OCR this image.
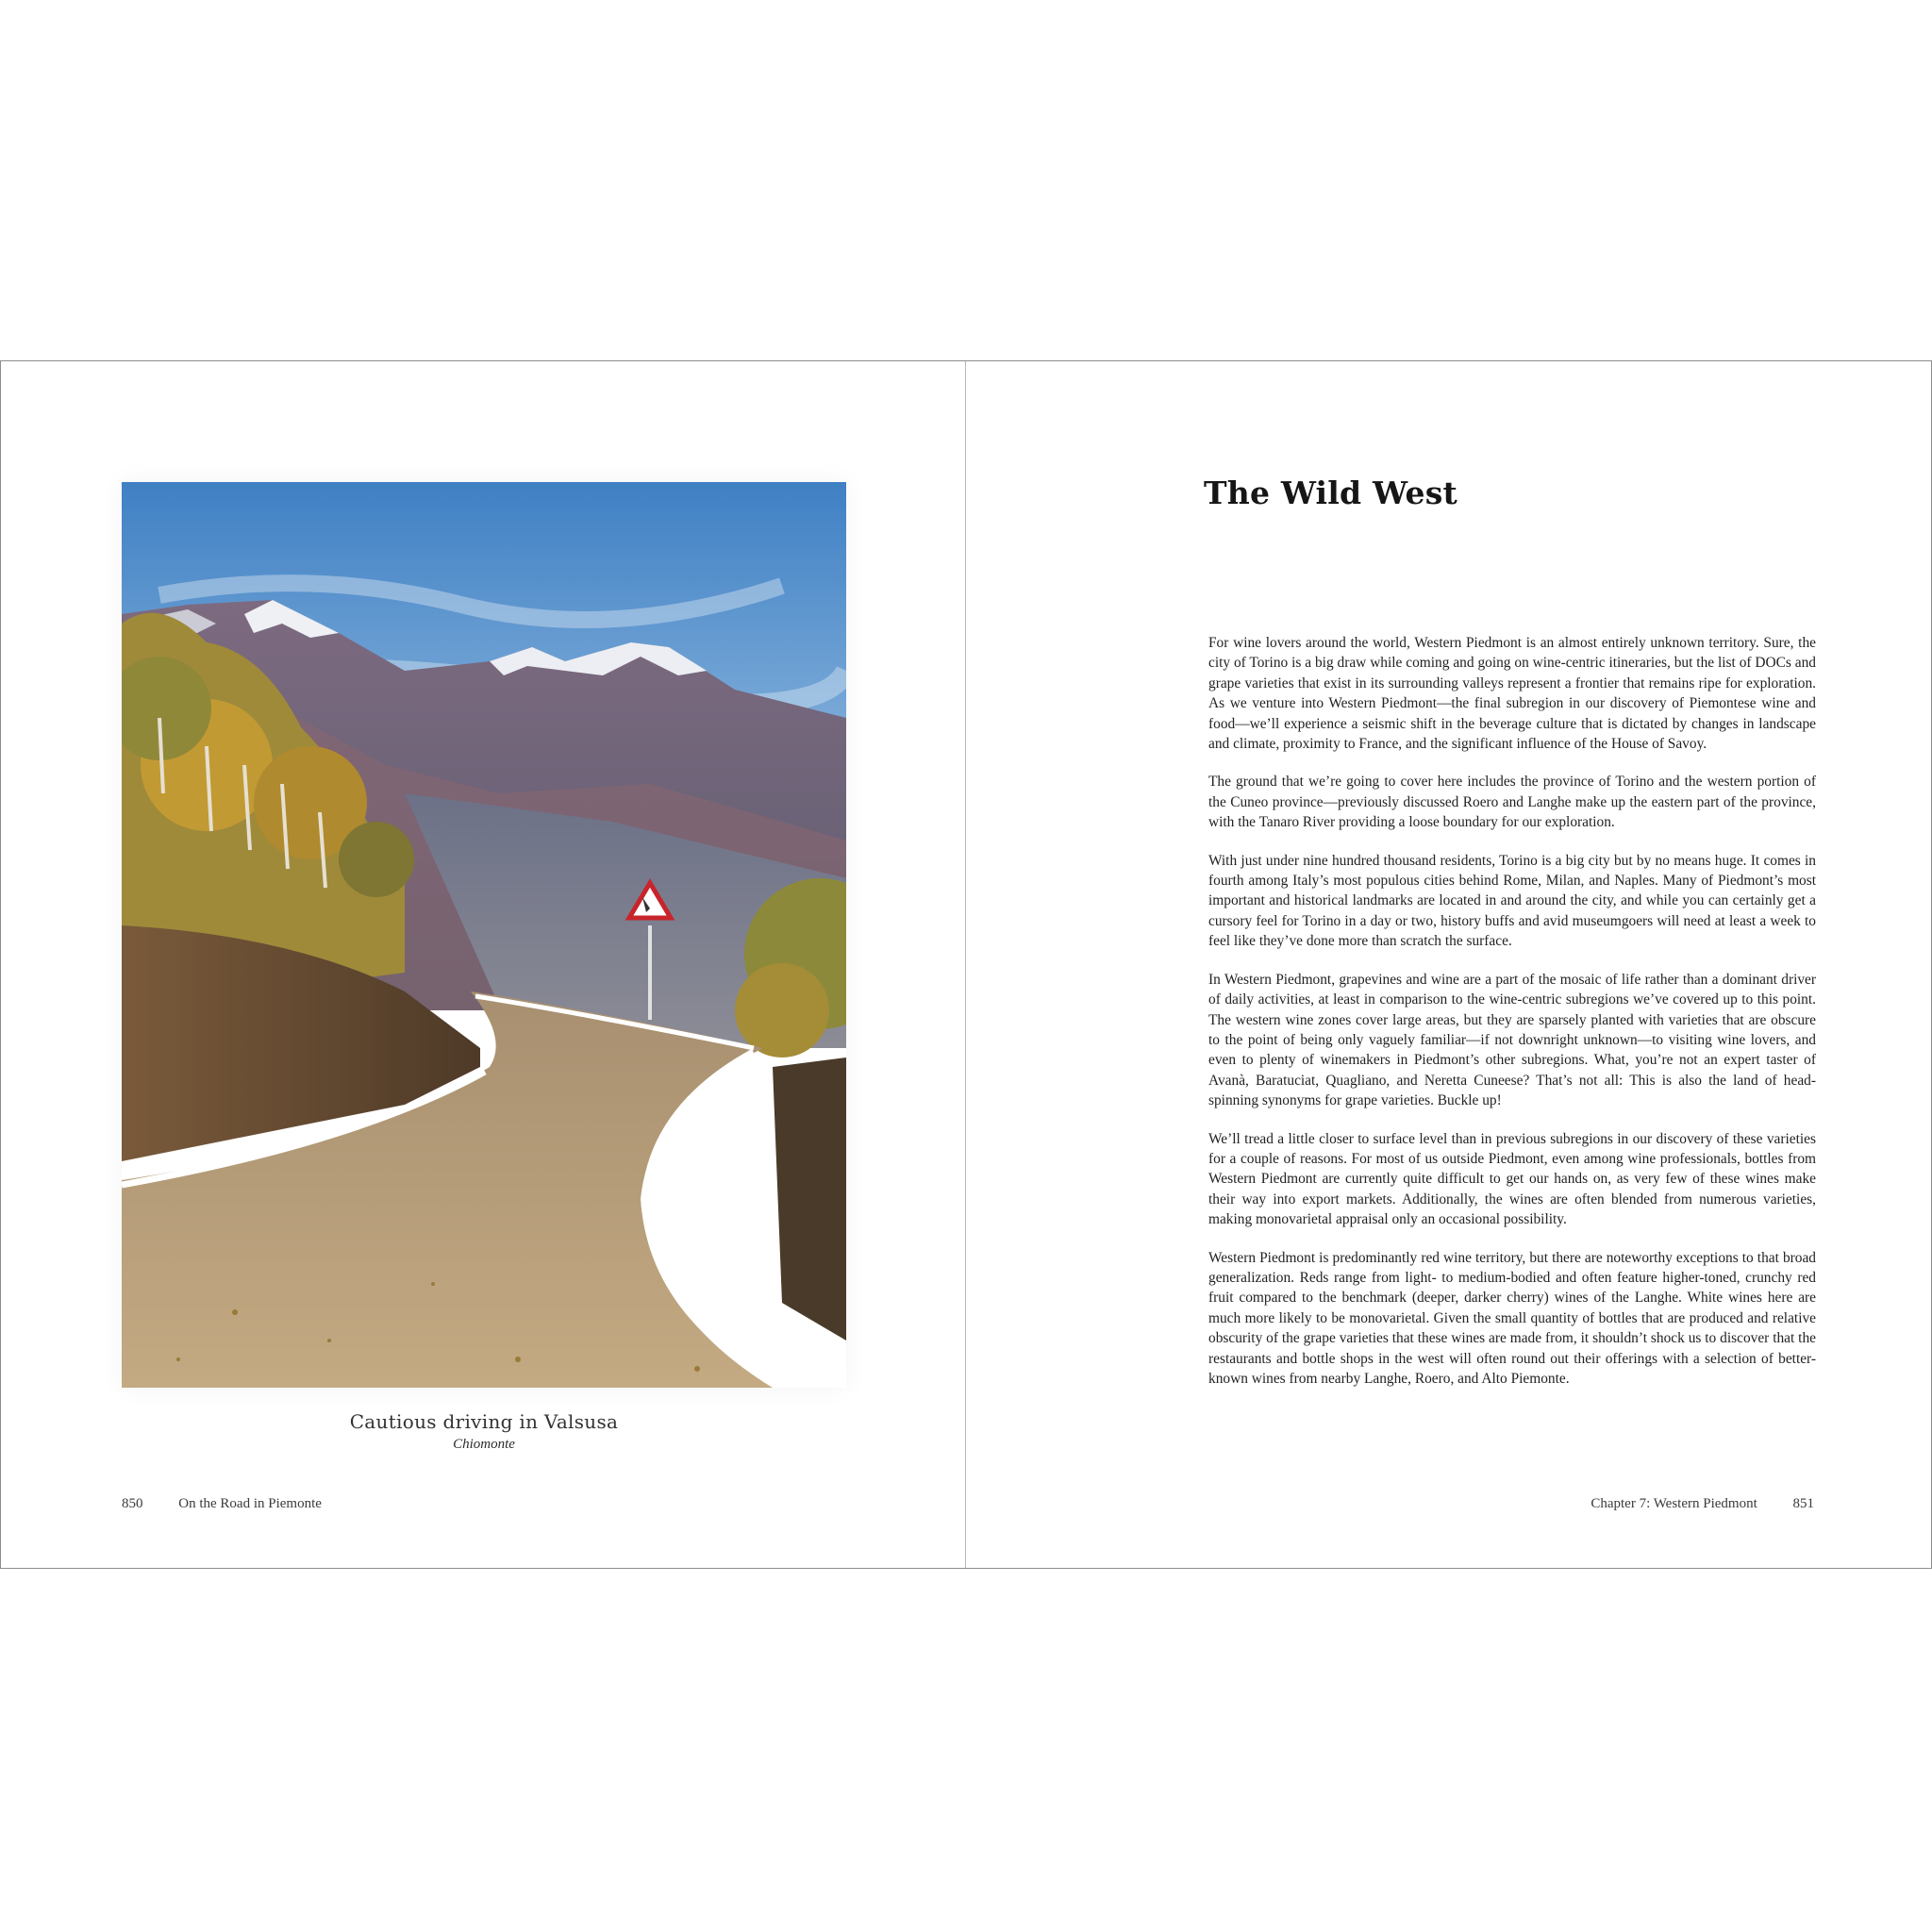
Cautious driving in Valsusa
Chiomonte
850	On the Road in Piemonte
The Wild West

For wine lovers around the world, Western Piedmont is an almost entirely unknown territory. Sure, the city of Torino is a big draw while coming and going on wine-centric itineraries, but the list of DOCs and grape varieties that exist in its surrounding valleys represent a frontier that remains ripe for exploration. As we venture into Western Piedmont—the final subregion in our discovery of Piemontese wine and food—we’ll experience a seismic shift in the beverage culture that is dictated by changes in landscape and climate, proximity to France, and the significant influence of the House of Savoy.

The ground that we’re going to cover here includes the province of Torino and the western portion of the Cuneo province—previously discussed Roero and Langhe make up the eastern part of the province, with the Tanaro River providing a loose boundary for our exploration.

With just under nine hundred thousand residents, Torino is a big city but by no means huge. It comes in fourth among Italy’s most populous cities behind Rome, Milan, and Naples. Many of Piedmont’s most important and historical landmarks are located in and around the city, and while you can certainly get a cursory feel for Torino in a day or two, history buffs and avid museumgoers will need at least a week to feel like they’ve done more than scratch the surface.

In Western Piedmont, grapevines and wine are a part of the mosaic of life rather than a dominant driver of daily activities, at least in comparison to the wine-centric subregions we’ve covered up to this point. The western wine zones cover large areas, but they are sparsely planted with varieties that are obscure to the point of being only vaguely familiar—if not downright unknown—to visiting wine lovers, and even to plenty of winemakers in Piedmont’s other subregions. What, you’re not an expert taster of Avanà, Baratuciat, Quagliano, and Neretta Cuneese? That’s not all: This is also the land of head-spinning synonyms for grape varieties. Buckle up!

We’ll tread a little closer to surface level than in previous subregions in our discovery of these varieties for a couple of reasons. For most of us outside Piedmont, even among wine professionals, bottles from Western Piedmont are currently quite difficult to get our hands on, as very few of these wines make their way into export markets. Additionally, the wines are often blended from numerous varieties, making monovarietal appraisal only an occasional possibility.

Western Piedmont is predominantly red wine territory, but there are noteworthy exceptions to that broad generalization. Reds range from light- to medium-bodied and often feature higher-toned, crunchy red fruit compared to the benchmark (deeper, darker cherry) wines of the Langhe. White wines here are much more likely to be monovarietal. Given the small quantity of bottles that are produced and relative obscurity of the grape varieties that these wines are made from, it shouldn’t shock us to discover that the restaurants and bottle shops in the west will often round out their offerings with a selection of better-known wines from nearby Langhe, Roero, and Alto Piemonte.

Chapter 7: Western Piedmont	851
